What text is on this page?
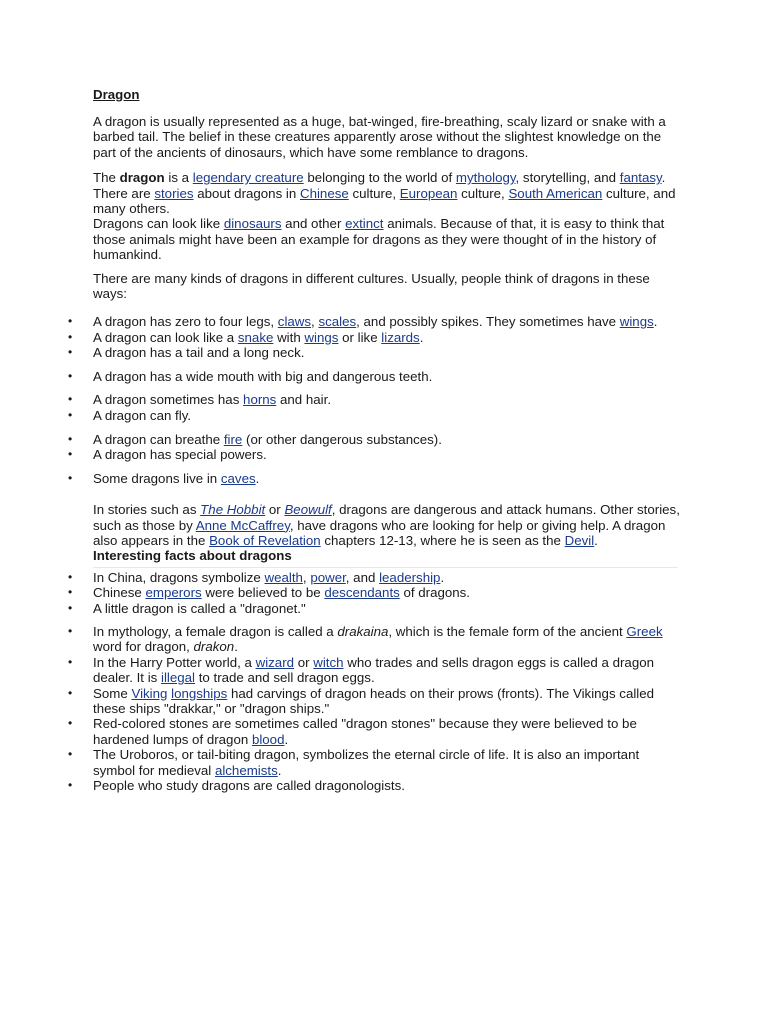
Dragon

A dragon is usually represented as a huge, bat-winged, fire-breathing, scaly lizard or snake with a barbed tail. The belief in these creatures apparently arose without the slightest knowledge on the part of the ancients of dinosaurs, which have some remblance to dragons.

The dragon is a legendary creature belonging to the world of mythology, storytelling, and fantasy. There are stories about dragons in Chinese culture, European culture, South American culture, and many others.

Dragons can look like dinosaurs and other extinct animals. Because of that, it is easy to think that those animals might have been an example for dragons as they were thought of in the history of humankind.

There are many kinds of dragons in different cultures. Usually, people think of dragons in these ways:

• A dragon has zero to four legs, claws, scales, and possibly spikes. They sometimes have wings.
• A dragon can look like a snake with wings or like lizards.
• A dragon has a tail and a long neck.
• A dragon has a wide mouth with big and dangerous teeth.
• A dragon sometimes has horns and hair.
• A dragon can fly.
• A dragon can breathe fire (or other dangerous substances).
• A dragon has special powers.
• Some dragons live in caves.

In stories such as The Hobbit or Beowulf, dragons are dangerous and attack humans. Other stories, such as those by Anne McCaffrey, have dragons who are looking for help or giving help. A dragon also appears in the Book of Revelation chapters 12-13, where he is seen as the Devil.

Interesting facts about dragons
• In China, dragons symbolize wealth, power, and leadership.
• Chinese emperors were believed to be descendants of dragons.
• A little dragon is called a "dragonet."
• In mythology, a female dragon is called a drakaina, which is the female form of the ancient Greek word for dragon, drakon.
• In the Harry Potter world, a wizard or witch who trades and sells dragon eggs is called a dragon dealer. It is illegal to trade and sell dragon eggs.
• Some Viking longships had carvings of dragon heads on their prows (fronts). The Vikings called these ships "drakkar," or "dragon ships."
• Red-colored stones are sometimes called "dragon stones" because they were believed to be hardened lumps of dragon blood.
• The Uroboros, or tail-biting dragon, symbolizes the eternal circle of life. It is also an important symbol for medieval alchemists.
• People who study dragons are called dragonologists.
